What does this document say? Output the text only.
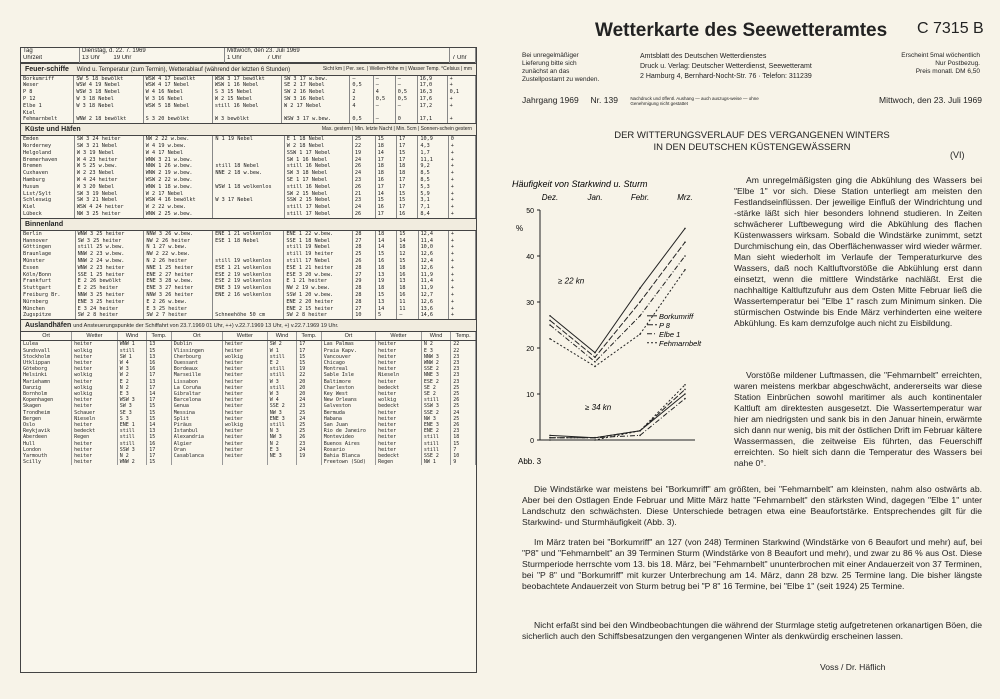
Tag	Dienstag, d. 22. 7. 1969	Mittwoch, den 23. Juli 1969	
Uhrzeit	13 Uhr 19 Uhr	1 Uhr 7 Uhr	7 Uhr
Feuer-schiffe Wind u. Temperatur (zum Termin), Wetterablauf (während der letzten 6 Stunden)	Sicht km | Per. sec. | Wellen-Höhe m | Wasser Temp. °Celsius | mm
Borkumriff	SW 5 18 bewölkt	WSW 4 17 bewölkt	WSW 3 17 bewölkt	SW 3 17 w.bew.	—	—	—	16,9	+
Weser	WSW 4 19 Nebel	WSW 4 17 Nebel	WSW 1 16 Nebel	SE 2 17 Nebel	0,5	—	—	17,0	+
P 8	WSW 3 18 Nebel	W 4 16 Nebel	S 3 15 Nebel	SW 2 16 Nebel	2	4	0,5	16,3	0,1
P 12	W 3 18 Nebel	W 3 16 Nebel	W 2 15 Nebel	SW 3 16 Nebel	2	0,5	0,5	17,6	+
Elbe 1	W 3 18 Nebel	WSW 5 18 Nebel	still 16 Nebel	W 2 17 Nebel	4	—	—	17,2	+
Kiel									
Fehmarnbelt	WNW 2 18 bewölkt	S 3 20 bewölkt	W 3 bewölkt	WSW 3 17 w.bew.	0,5	—	0	17,1	+
Küste und Häfen	Max. gestern | Min. letzte Nacht | Min. 5cm | Sonnen-schein gestern
Emden	SW 3 24 heiter	NW 2 22 w.bew.	N 1 19 Nebel	E 1 18 Nebel	25	15	17	10,9	0
Norderney	SW 3 21 Nebel	W 4 19 w.bew.		W 2 18 Nebel	22	18	17	4,3	+
Helgoland	W 3 19 Nebel	W 4 17 Nebel		SSW 1 17 Nebel	19	14	15	1,7	+
Bremerhaven	W 4 23 heiter	WNW 3 21 w.bew.		SW 1 16 Nebel	24	17	17	11,1	+
Bremen	W 5 25 w.bew.	NNW 1 26 w.bew.	still 18 Nebel	still 16 Nebel	26	18	18	9,2	+
Cuxhaven	W 2 23 Nebel	WNW 2 19 w.bew.	NNE 2 18 w.bew.	SW 3 18 Nebel	24	18	18	8,5	+
Hamburg	W 4 24 heiter	WSW 2 22 w.bew.		SE 1 17 Nebel	23	16	17	8,5	+
Husum	W 3 20 Nebel	WNW 1 18 w.bew.	WSW 1 18 wolkenlos	still 16 Nebel	26	17	17	5,3	+
List/Sylt	SW 3 19 Nebel	W 2 17 Nebel		SW 2 15 Nebel	21	14	15	5,9	+
Schleswig	SW 3 21 Nebel	WSW 4 16 bewölkt	W 3 17 Nebel	SSW 2 15 Nebel	23	15	15	3,1	+
Kiel	WSW 4 24 heiter	W 2 22 w.bew.		still 17 Nebel	24	16	17	7,1	+
Lübeck	NW 3 25 heiter	WNW 2 25 w.bew.		still 17 Nebel	26	17	16	8,4	+
Binnenland
Berlin	WNW 3 25 heiter	NNW 3 26 w.bew.	ENE 1 21 wolkenlos	ENE 1 22 w.bew.	28	18	15	12,4	+
Hannover	SW 3 25 heiter	NW 2 26 heiter	ESE 1 18 Nebel	SSE 1 18 Nebel	27	14	14	11,4	+
Göttingen	still 25 w.bew.	N 1 27 w.bew.		still 19 Nebel	28	14	18	10,0	+
Braunlage	NNW 2 23 w.bew.	NW 2 22 w.bew.		still 19 heiter	25	15	12	12,6	+
Münster	NNW 2 24 w.bew.	N 2 26 heiter	still 19 wolkenlos	still 17 Nebel	26	16	15	12,4	+
Essen	WNW 2 23 heiter	NNE 1 25 heiter	ESE 1 21 wolkenlos	ESE 1 21 heiter	28	18	18	12,6	+
Köln/Bonn	SSE 1 25 heiter	ENE 2 27 heiter	ESE 2 19 wolkenlos	ESE 3 20 w.bew.	27	13	16	11,9	+
Frankfurt	E 2 26 bewölkt	ENE 3 28 w.bew.	ESE 2 19 wolkenlos	E 1 21 heiter	29	19	13	11,4	+
Stuttgart	E 2 25 heiter	ENE 3 27 heiter	ENE 3 19 wolkenlos	NW 2 19 w.bew.	28	18	18	11,9	+
Freiburg Br.	NNW 3 25 heiter	NNW 3 26 heiter	ENE 2 16 wolkenlos	SSW 1 20 w.bew.	28	15	16	12,7	+
Nürnberg	ENE 3 25 heiter	E 2 26 w.bew.		ENE 2 20 heiter	28	13	11	12,6	+
München	E 3 24 heiter	E 3 25 heiter		ENE 2 15 heiter	27	14	11	13,6	+
Zugspitze	SW 2 8 heiter	SW 2 7 heiter	Schneehöhe 50 cm	SW 2 8 heiter	10	5	—	14,6	+
Auslandhäfen und Ansteuerungspunkte der Schiffahrt von 23.7.1969 01 Uhr, ++) v.22.7.1969 13 Uhr, +) v.22.7.1969 19 Uhr.
Ort	Wetter	Wind	Temp.	Ort	Wetter	Wind	Temp.	Ort	Wetter	Wind	Temp.
Lulea	heiter	WNW 1	13	Dublin	heiter	SW 2	17	Las Palmas	heiter	N 2	22
Sundsvall	wolkig	still	15	Vlissingen	heiter	W 1	17	Praia Kapv.	heiter	E 3	22
Stockholm	heiter	SW 1	13	Cherbourg	wolkig	still	15	Vancouver	heiter	NNW 3	23
Utklippan	heiter	W 4	16	Ouessant	heiter	E 2	15	Chicago	heiter	WNW 2	23
Göteborg	heiter	W 3	16	Bordeaux	heiter	still	19	Montreal	heiter	SSE 2	23
Helsinki	wolkig	W 2	17	Marseille	heiter	still	22	Sable Isle	Nieseln	NNE 3	23
Mariehamn	heiter	E 2	13	Lissabon	heiter	W 3	20	Baltimore	heiter	ESE 2	23
Danzig	wolkig	N 2	17	La Coruña	heiter	still	20	Charleston	bedeckt	SE 2	25
Bornholm	wolkig	E 3	14	Gibraltar	heiter	W 3	20	Key West	heiter	SE 2	25
Kopenhagen	heiter	WSW 3	17	Barcelona	heiter	W 4	24	New Orleans	wolkig	still	26
Skagen	heiter	SW 3	15	Genua	heiter	SSE 2	23	Galveston	bedeckt	SSW 3	25
Trondheim	Schauer	SE 3	15	Messina	heiter	NW 3	25	Bermuda	heiter	SSE 2	24
Bergen	Nieseln	S 3	15	Split	heiter	ENE 3	24	Habana	heiter	NW 3	25
Oslo	heiter	ENE 1	14	Piräus	wolkig	still	25	San Juan	heiter	ENE 3	26
Reykjavik	bedeckt	still	13	Istanbul	heiter	N 3	25	Rio de Janeiro	heiter	ENE 2	23
Aberdeen	Regen	still	15	Alexandria	heiter	NW 3	26	Montevideo	heiter	still	18
Hull	heiter	still	16	Algier	heiter	N 2	23	Buenos Aires	heiter	still	15
London	heiter	SSW 3	17	Oran	heiter	E 3	24	Rosario	heiter	still	7
Yarmouth	heiter	N 2	17	Casablanca	heiter	NE 3	19	Bahia Blanca	bedeckt	SSE 2	10
Scilly	heiter	WNW 2	15					Freetown (Süd)	Regen	NW 1	9
Wetterkarte des Seewetteramtes C 7315 B
Bei unregelmäßiger
Lieferung bitte sich
zunächst an das
Zustellpostamt zu wenden.
Amtsblatt des Deutschen Wetterdienstes
Druck u. Verlag: Deutscher Wetterdienst, Seewetteramt
2 Hamburg 4, Bernhard-Nocht-Str. 76 · Telefon: 311239
Erscheint 5mal wöchentlich
Nur Postbezug.
Preis monatl. DM 6,50
Jahrgang 1969 Nr. 139	Nachdruck und öffentl. Aushang — auch auszugs-weise — ohne Genehmigung nicht gestattet	Mittwoch, den 23. Juli 1969
DER WITTERUNGSVERLAUF DES VERGANGENEN WINTERS
IN DEN DEUTSCHEN KÜSTENGEWÄSSERN
(VI)
Häufigkeit von Starkwind u. Sturm
%
0
10
20
30
40
50
Dez.	Jan.	Febr.	Mrz.
≥ 22 kn
≥ 34 kn
Borkumriff
P 8
Elbe 1
Fehmarnbelt
Abb. 3
Am unregelmäßigsten ging die Abkühlung des Wassers bei "Elbe 1" vor sich. Diese Station unterliegt am meisten den Festlandseinflüssen. Der jeweilige Einfluß der Windrichtung und -stärke läßt sich hier besonders lohnend studieren. In Zeiten schwächerer Luftbewegung wird die Abkühlung des flachen Küstenwassers wirksam. Sobald die Windstärke zunimmt, setzt Durchmischung ein, das Oberflächenwasser wird wieder wärmer. Man sieht wiederholt im Verlaufe der Temperaturkurve des Wassers, daß noch Kaltluftvorstöße die Abkühlung erst dann einsetzt, wenn die mittlere Windstärke nachläßt. Erst die nachhaltige Kaltluftzufuhr aus dem Osten Mitte Februar ließ die Wassertemperatur bei "Elbe 1" rasch zum Minimum sinken. Die stürmischen Ostwinde bis Ende März verhinderten eine weitere Abkühlung. Es kam demzufolge auch nicht zu Eisbildung.
Vorstöße mildener Luftmassen, die "Fehmarnbelt" erreichten, waren meistens merkbar abgeschwächt, andererseits war diese Station Einbrüchen sowohl maritimer als auch kontinentaler Kaltluft am direktesten ausgesetzt. Die Wassertemperatur war hier am niedrigsten und sank bis in den Januar hinein, erwärmte sich dann nur wenig, bis mit der östlichen Drift im Februar kältere Wassermassen, die zeitweise Eis führten, das Feuerschiff erreichten. So hielt sich dann die Temperatur des Wassers bei nahe 0°.
Die Windstärke war meistens bei "Borkumriff" am größten, bei "Fehmarnbelt" am kleinsten, nahm also ostwärts ab. Aber bei den Ostlagen Ende Februar und Mitte März hatte "Fehmarnbelt" den stärksten Wind, dagegen "Elbe 1" unter Landschutz den schwächsten. Diese Unterschiede betragen etwa eine Beaufortstärke. Entsprechendes gilt für die Starkwind- und Sturmhäufigkeit (Abb. 3).
Im März traten bei "Borkumriff" an 127 (von 248) Terminen Starkwind (Windstärke von 6 Beaufort und mehr) auf, bei "P8" und "Fehmarnbelt" an 39 Terminen Sturm (Windstärke von 8 Beaufort und mehr), und zwar zu 86 % aus Ost. Diese Sturmperiode herrschte vom 13. bis 18. März, bei "Fehmarnbelt" ununterbrochen mit einer Andauerzeit von 37 Terminen, bei "P 8" und "Borkumriff" mit kurzer Unterbrechung am 14. März, dann 28 bzw. 25 Termine lang. Die bisher längste beobachtete Andauerzeit von Sturm betrug bei "P 8" 16 Termine, bei "Elbe 1" (seit 1924) 25 Termine.
Nicht erfaßt sind bei den Windbeobachtungen die während der Sturmlage stetig aufgetretenen orkanartigen Böen, die sicherlich auch den Schiffsbesatzungen den vergangenen Winter als denkwürdig erscheinen lassen.
Voss / Dr. Häflich
